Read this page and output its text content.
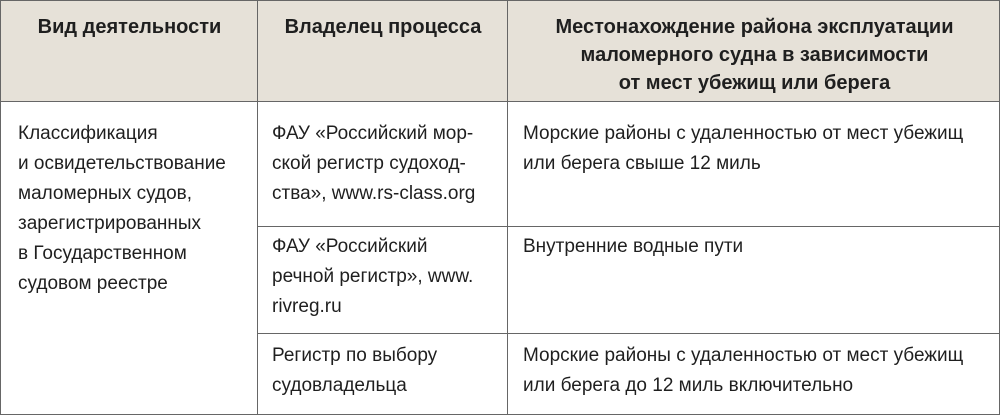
Вид деятельности	Владелец процесса	Местонахождение района эксплуатации
маломерного судна в зависимости
от мест убежищ или берега
Классификация
и освидетельствование
маломерных судов,
зарегистрированных
в Государственном
судовом реестре
ФАУ «Российский мор-
ской регистр судоход-
ства», www.rs-class.org
Морские районы с удаленностью от мест убежищ
или берега свыше 12 миль
ФАУ «Российский
речной регистр», www.
rivreg.ru
Внутренние водные пути
Регистр по выбору
судовладельца
Морские районы с удаленностью от мест убежищ
или берега до 12 миль включительно
